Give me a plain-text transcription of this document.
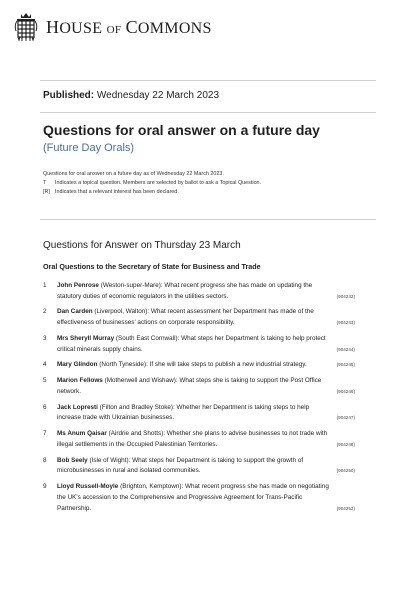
HOUSE OF COMMONS
Published: Wednesday 22 March 2023
Questions for oral answer on a future day
(Future Day Orals)
Questions for oral answer on a future day as of Wednesday 22 March 2023.
T	Indicates a topical question. Members are selected by ballot to ask a Topical Question.
[R] Indicates that a relevant interest has been declared.
Questions for Answer on Thursday 23 March
Oral Questions to the Secretary of State for Business and Trade
1	John Penrose (Weston-super-Mare): What recent progress she has made on updating the statutory duties of economic regulators in the utilities sectors.	(904242)
2	Dan Carden (Liverpool, Walton): What recent assessment her Department has made of the effectiveness of businesses' actions on corporate responsibility.	(904243)
3	Mrs Sheryll Murray (South East Cornwall): What steps her Department is taking to help protect critical minerals supply chains.	(904244)
4	Mary Glindon (North Tyneside): If she will take steps to publish a new industrial strategy.	(904245)
5	Marion Fellows (Motherwell and Wishaw): What steps she is taking to support the Post Office network.	(904246)
6	Jack Lopresti (Filton and Bradley Stoke): Whether her Department is taking steps to help increase trade with Ukrainian businesses.	(904247)
7	Ms Anum Qaisar (Airdrie and Shotts): Whether she plans to advise businesses to not trade with illegal settlements in the Occupied Palestinian Territories.	(904248)
8	Bob Seely (Isle of Wight): What steps her Department is taking to support the growth of microbusinesses in rural and isolated communities.	(904250)
9	Lloyd Russell-Moyle (Brighton, Kemptown): What recent progress she has made on negotiating the UK's accession to the Comprehensive and Progressive Agreement for Trans-Pacific Partnership.	(904252)
